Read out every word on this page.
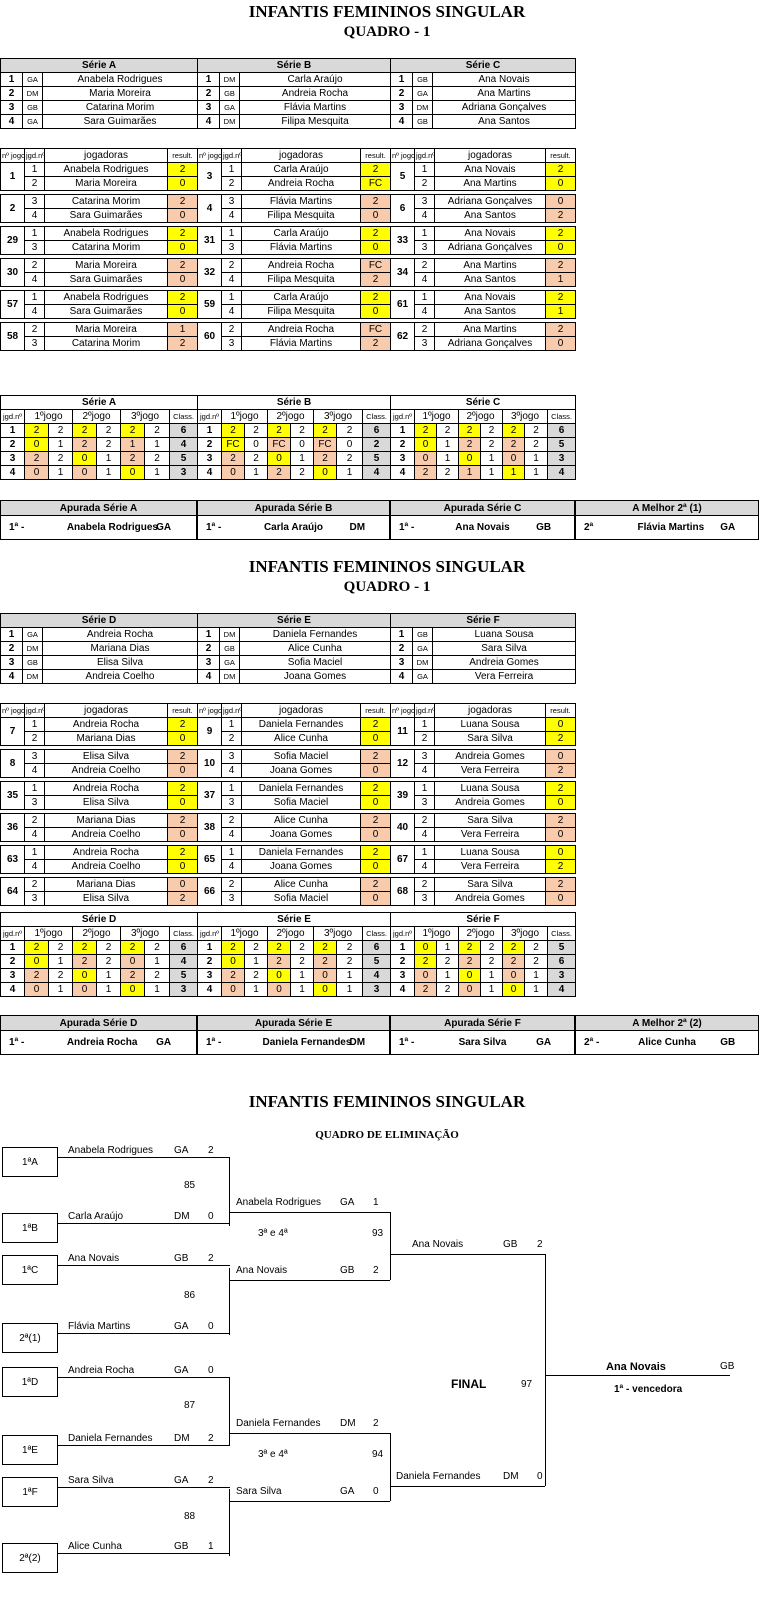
INFANTIS FEMININOS SINGULAR
QUADRO - 1
Série A		
1	GA	Anabela Rodrigues
2	DM	Maria Moreira
3	GB	Catarina Morim
4	GA	Sara Guimarães
nº jogo	jgd.nº	jogadoras	result.
1	1	Anabela Rodrigues	2
	2	Maria Moreira	0

2	3	Catarina Morim	2
	4	Sara Guimarães	0

29	1	Anabela Rodrigues	2
	3	Catarina Morim	0

30	2	Maria Moreira	2
	4	Sara Guimarães	0

57	1	Anabela Rodrigues	2
	4	Sara Guimarães	0

58	2	Maria Moreira	1
	3	Catarina Morim	2
Série A							
jgd.nº	1ºjogo		2ºjogo		3ºjogo		Class.
1	2	2	2	2	2	2	6
2	0	1	2	2	1	1	4
3	2	2	0	1	2	2	5
4	0	1	0	1	0	1	3
Série B		
1	DM	Carla Araújo
2	GB	Andreia Rocha
3	GA	Flávia Martins
4	DM	Filipa Mesquita
nº jogo	jgd.nº	jogadoras	result.
3	1	Carla Araújo	2
	2	Andreia Rocha	FC

4	3	Flávia Martins	2
	4	Filipa Mesquita	0

31	1	Carla Araújo	2
	3	Flávia Martins	0

32	2	Andreia Rocha	FC
	4	Filipa Mesquita	2

59	1	Carla Araújo	2
	4	Filipa Mesquita	0

60	2	Andreia Rocha	FC
	3	Flávia Martins	2
Série B							
jgd.nº	1ºjogo		2ºjogo		3ºjogo		Class.
1	2	2	2	2	2	2	6
2	FC	0	FC	0	FC	0	2
3	2	2	0	1	2	2	5
4	0	1	2	2	0	1	4
Série C		
1	GB	Ana Novais
2	GA	Ana Martins
3	DM	Adriana Gonçalves
4	GB	Ana Santos
nº jogo	jgd.nº	jogadoras	result.
5	1	Ana Novais	2
	2	Ana Martins	0

6	3	Adriana Gonçalves	0
	4	Ana Santos	2

33	1	Ana Novais	2
	3	Adriana Gonçalves	0

34	2	Ana Martins	2
	4	Ana Santos	1

61	1	Ana Novais	2
	4	Ana Santos	1

62	2	Ana Martins	2
	3	Adriana Gonçalves	0
Série C							
jgd.nº	1ºjogo		2ºjogo		3ºjogo		Class.
1	2	2	2	2	2	2	6
2	0	1	2	2	2	2	5
3	0	1	0	1	0	1	3
4	2	2	1	1	1	1	4
Apurada Série A
1ª -	Anabela Rodrigues	GA
Apurada Série B
1ª -	Carla Araújo	DM
Apurada Série C
1ª -	Ana Novais	GB
A Melhor 2ª (1)
2ª	Flávia Martins	GA
INFANTIS FEMININOS SINGULAR
QUADRO - 1
Série D		
1	GA	Andreia Rocha
2	DM	Mariana Dias
3	GB	Elisa Silva
4	DM	Andreia Coelho
nº jogo	jgd.nº	jogadoras	result.
7	1	Andreia Rocha	2
	2	Mariana Dias	0

8	3	Elisa Silva	2
	4	Andreia Coelho	0

35	1	Andreia Rocha	2
	3	Elisa Silva	0

36	2	Mariana Dias	2
	4	Andreia Coelho	0

63	1	Andreia Rocha	2
	4	Andreia Coelho	0

64	2	Mariana Dias	0
	3	Elisa Silva	2
Série D							
jgd.nº	1ºjogo		2ºjogo		3ºjogo		Class.
1	2	2	2	2	2	2	6
2	0	1	2	2	0	1	4
3	2	2	0	1	2	2	5
4	0	1	0	1	0	1	3
Série E		
1	DM	Daniela Fernandes
2	GB	Alice Cunha
3	GA	Sofia Maciel
4	DM	Joana Gomes
nº jogo	jgd.nº	jogadoras	result.
9	1	Daniela Fernandes	2
	2	Alice Cunha	0

10	3	Sofia Maciel	2
	4	Joana Gomes	0

37	1	Daniela Fernandes	2
	3	Sofia Maciel	0

38	2	Alice Cunha	2
	4	Joana Gomes	0

65	1	Daniela Fernandes	2
	4	Joana Gomes	0

66	2	Alice Cunha	2
	3	Sofia Maciel	0
Série E							
jgd.nº	1ºjogo		2ºjogo		3ºjogo		Class.
1	2	2	2	2	2	2	6
2	0	1	2	2	2	2	5
3	2	2	0	1	0	1	4
4	0	1	0	1	0	1	3
Série F		
1	GB	Luana Sousa
2	GA	Sara Silva
3	DM	Andreia Gomes
4	GA	Vera Ferreira
nº jogo	jgd.nº	jogadoras	result.
11	1	Luana Sousa	0
	2	Sara Silva	2

12	3	Andreia Gomes	0
	4	Vera Ferreira	2

39	1	Luana Sousa	2
	3	Andreia Gomes	0

40	2	Sara Silva	2
	4	Vera Ferreira	0

67	1	Luana Sousa	0
	4	Vera Ferreira	2

68	2	Sara Silva	2
	3	Andreia Gomes	0
Série F							
jgd.nº	1ºjogo		2ºjogo		3ºjogo		Class.
1	0	1	2	2	2	2	5
2	2	2	2	2	2	2	6
3	0	1	0	1	0	1	3
4	2	2	0	1	0	1	4
Apurada Série D
1ª -	Andreia Rocha	GA
Apurada Série E
1ª -	Daniela Fernandes	DM
Apurada Série F
1ª -	Sara Silva	GA
A Melhor 2ª (2)
2ª -	Alice Cunha	GB
INFANTIS FEMININOS SINGULAR
QUADRO DE ELIMINAÇÃO
1ªA
Anabela Rodrigues GA 2
1ªB
Carla Araújo	DM 0
1ªC
Ana Novais	GB 2
2ª(1)
Flávia Martins	GA 0
1ªD
Andreia Rocha	GA 0
1ªE
Daniela Fernandes DM 2
1ªF
Sara Silva	GA 2
2ª(2)
Alice Cunha	GB 1
85
86
87
88
Anabela Rodrigues GA 1
Ana Novais	GB 2
Daniela Fernandes DM 2
Sara Silva	GA 0
3ª e 4ª	93
3ª e 4ª	94
Ana Novais	GB 2
Daniela Fernandes DM 0
FINAL	97
Ana Novais	GB
1ª - vencedora
